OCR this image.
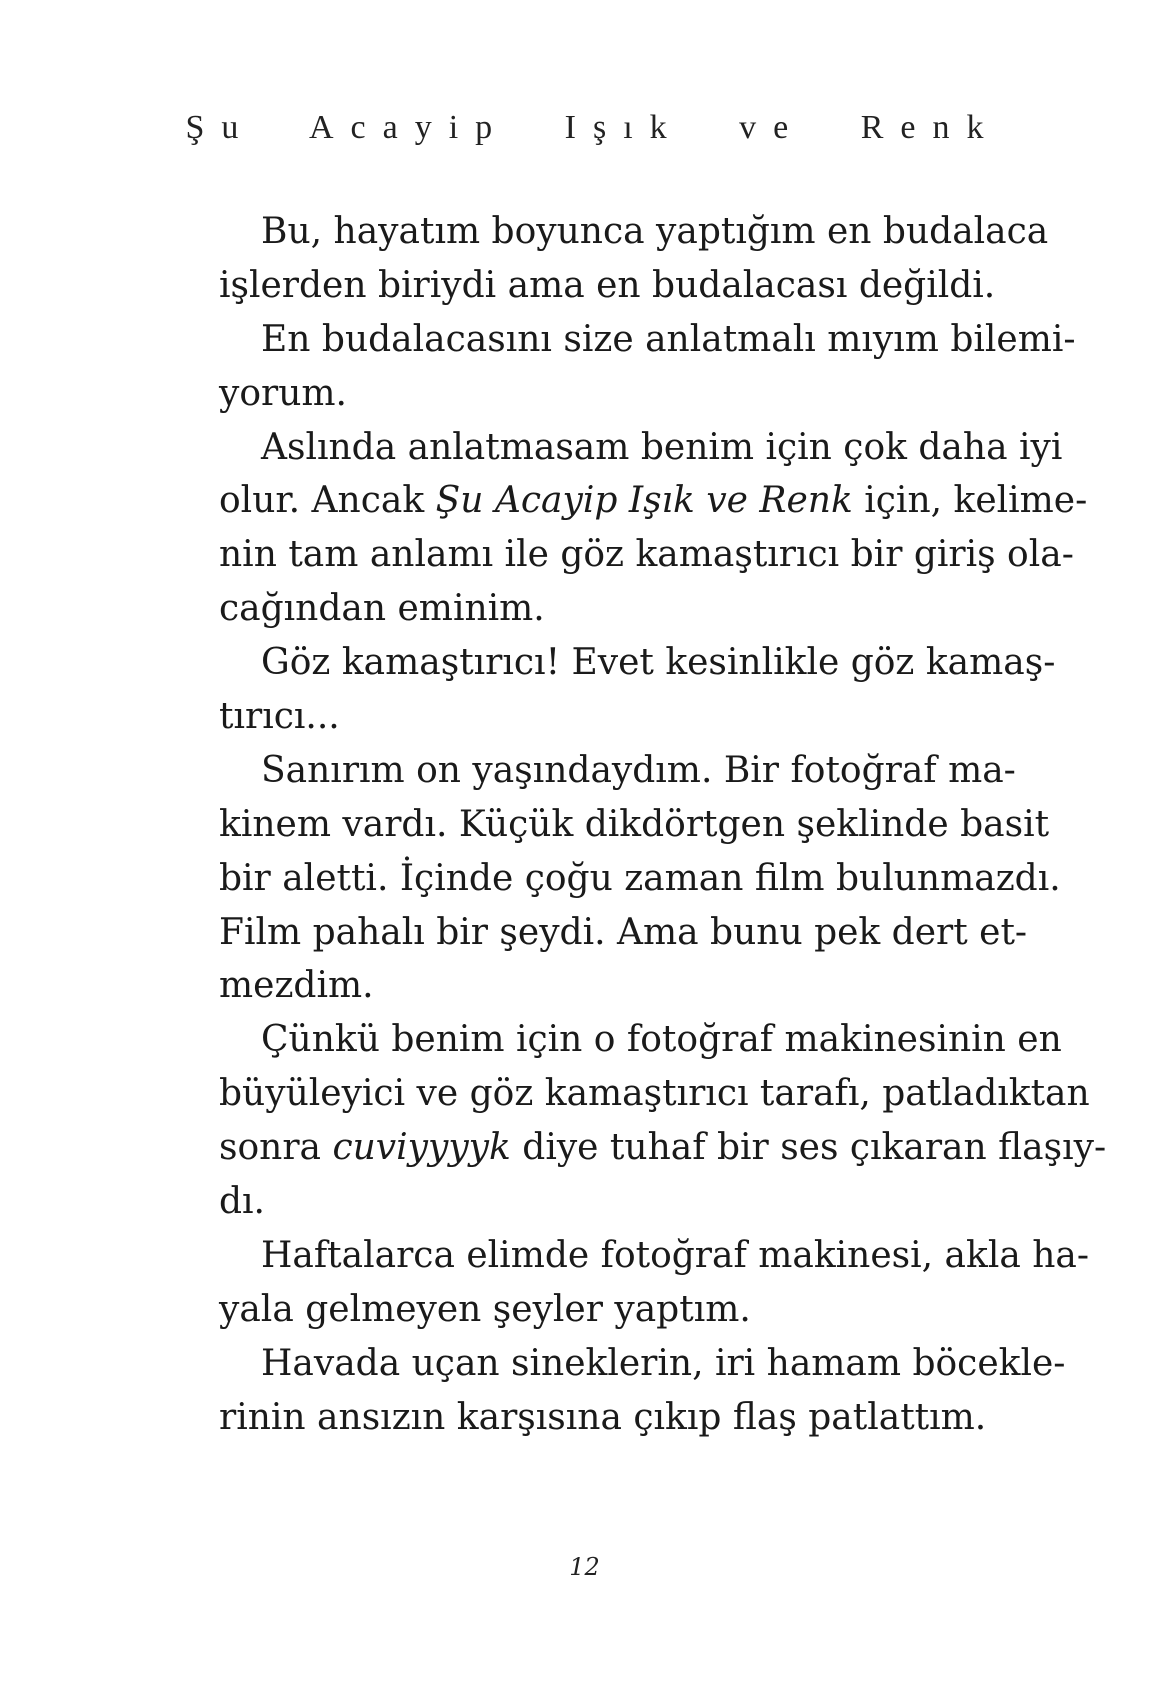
Şu Acayip Işık ve Renk
Bu, hayatım boyunca yaptığım en budalaca
işlerden biriydi ama en budalacası değildi.
En budalacasını size anlatmalı mıyım bilemi-
yorum.
Aslında anlatmasam benim için çok daha iyi
olur. Ancak Şu Acayip Işık ve Renk için, kelime-
nin tam anlamı ile göz kamaştırıcı bir giriş ola-
cağından eminim.
Göz kamaştırıcı! Evet kesinlikle göz kamaş-
tırıcı...
Sanırım on yaşındaydım. Bir fotoğraf ma-
kinem vardı. Küçük dikdörtgen şeklinde basit
bir aletti. İçinde çoğu zaman film bulunmazdı.
Film pahalı bir şeydi. Ama bunu pek dert et-
mezdim.
Çünkü benim için o fotoğraf makinesinin en
büyüleyici ve göz kamaştırıcı tarafı, patladıktan
sonra cuviyyyyk diye tuhaf bir ses çıkaran flaşıy-
dı.
Haftalarca elimde fotoğraf makinesi, akla ha-
yala gelmeyen şeyler yaptım.
Havada uçan sineklerin, iri hamam böcekle-
rinin ansızın karşısına çıkıp flaş patlattım.
12
